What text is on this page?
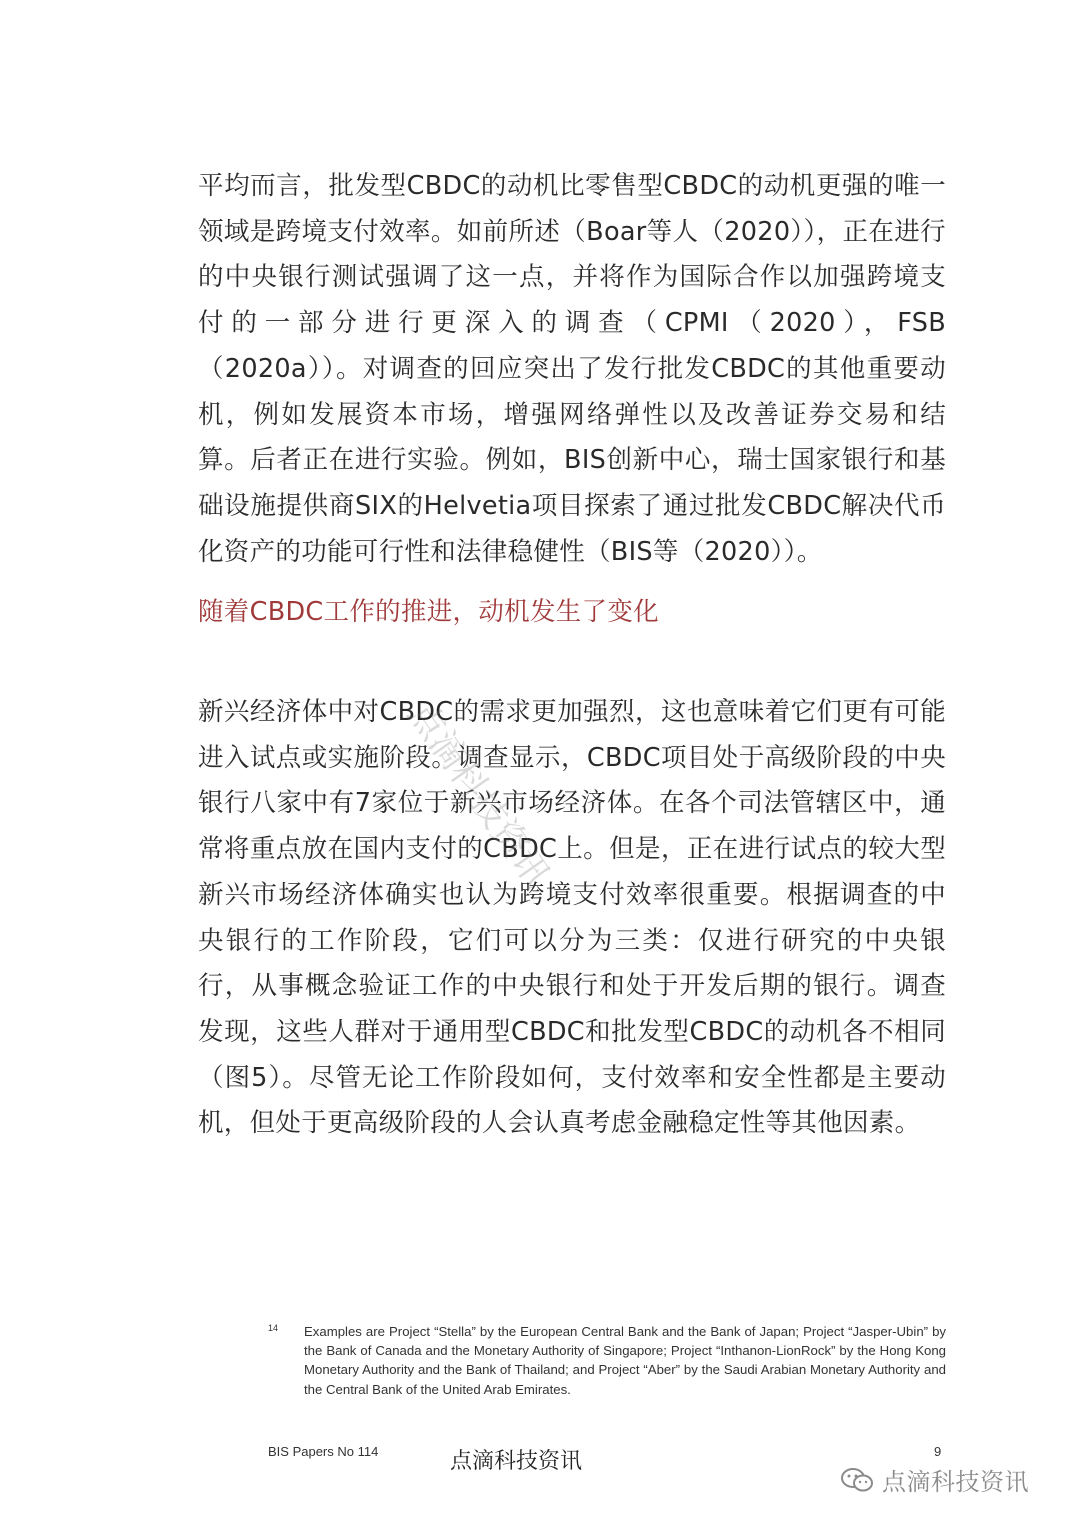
平均而言，批发型CBDC的动机比零售型CBDC的动机更强的唯一领域是跨境支付效率。如前所述（Boar等人（2020）），正在进行的中央银行测试强调了这一点，并将作为国际合作以加强跨境支付的一部分进行更深入的调查（CPMI（2020），FSB（2020a））。对调查的回应突出了发行批发CBDC的其他重要动机，例如发展资本市场，增强网络弹性以及改善证券交易和结算。后者正在进行实验。例如，BIS创新中心，瑞士国家银行和基础设施提供商SIX的Helvetia项目探索了通过批发CBDC解决代币化资产的功能可行性和法律稳健性（BIS等（2020））。

随着CBDC工作的推进，动机发生了变化

新兴经济体中对CBDC的需求更加强烈，这也意味着它们更有可能进入试点或实施阶段。调查显示，CBDC项目处于高级阶段的中央银行八家中有7家位于新兴市场经济体。在各个司法管辖区中，通常将重点放在国内支付的CBDC上。但是，正在进行试点的较大型新兴市场经济体确实也认为跨境支付效率很重要。根据调查的中央银行的工作阶段，它们可以分为三类：仅进行研究的中央银行，从事概念验证工作的中央银行和处于开发后期的银行。调查发现，这些人群对于通用型CBDC和批发型CBDC的动机各不相同（图5）。尽管无论工作阶段如何，支付效率和安全性都是主要动机，但处于更高级阶段的人会认真考虑金融稳定性等其他因素。

点滴科技资讯
14 Examples are Project “Stella” by the European Central Bank and the Bank of Japan; Project “Jasper-Ubin” by the Bank of Canada and the Monetary Authority of Singapore; Project “Inthanon-LionRock” by the Hong Kong Monetary Authority and the Bank of Thailand; and Project “Aber” by the Saudi Arabian Monetary Authority and the Central Bank of the United Arab Emirates.
BIS Papers No 114	点滴科技资讯	9
点滴科技资讯
